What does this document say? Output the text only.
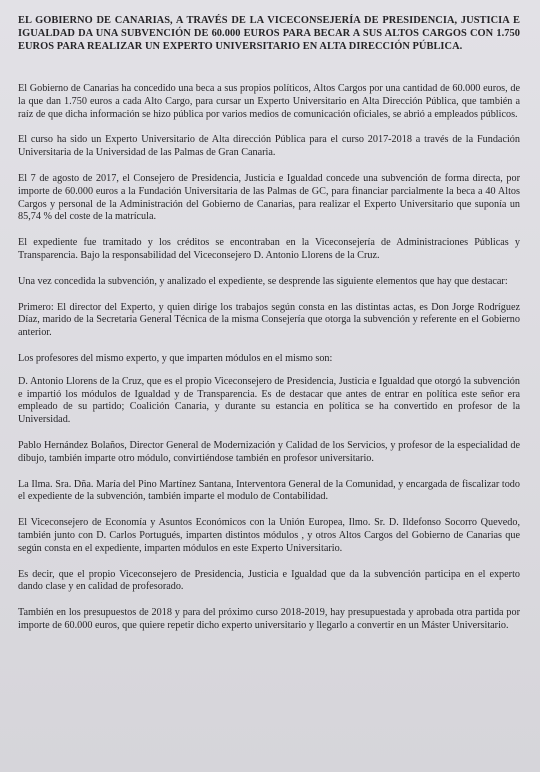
EL GOBIERNO DE CANARIAS, A TRAVÉS DE LA VICECONSEJERÍA DE PRESIDENCIA, JUSTICIA E IGUALDAD DA UNA SUBVENCIÓN DE 60.000 EUROS PARA BECAR A SUS ALTOS CARGOS CON 1.750 EUROS PARA REALIZAR UN EXPERTO UNIVERSITARIO EN ALTA DIRECCIÓN PÚBLICA.

El Gobierno de Canarias ha concedido una beca a sus propios políticos, Altos Cargos por una cantidad de 60.000 euros, de la que dan 1.750 euros a cada Alto Cargo, para cursar un Experto Universitario en Alta Dirección Pública, que también a raíz de que dicha información se hizo pública por varios medios de comunicación oficiales, se abrió a empleados públicos.

El curso ha sido un Experto Universitario de Alta dirección Pública para el curso 2017-2018 a través de la Fundación Universitaria de la Universidad de las Palmas de Gran Canaria.

El 7 de agosto de 2017, el Consejero de Presidencia, Justicia e Igualdad concede una subvención de forma directa, por importe de 60.000 euros a la Fundación Universitaria de las Palmas de GC, para financiar parcialmente la beca a 40 Altos Cargos y personal de la Administración del Gobierno de Canarias, para realizar el Experto Universitario que suponía un 85,74 % del coste de la matrícula.

El expediente fue tramitado y los créditos se encontraban en la Viceconsejería de Administraciones Públicas y Transparencia. Bajo la responsabilidad del Viceconsejero D. Antonio Llorens de la Cruz.

Una vez concedida la subvención, y analizado el expediente, se desprende las siguiente elementos que hay que destacar:

Primero: El director del Experto, y quien dirige los trabajos según consta en las distintas actas, es Don Jorge Rodríguez Díaz, marido de la Secretaria General Técnica de la misma Consejería que otorga la subvención y referente en el Gobierno anterior.

Los profesores del mismo experto, y que imparten módulos en el mismo son:

D. Antonio Llorens de la Cruz, que es el propio Viceconsejero de Presidencia, Justicia e Igualdad que otorgó la subvención e impartió los módulos de Igualdad y de Transparencia. Es de destacar que antes de entrar en política este señor era empleado de su partido; Coalición Canaria, y durante su estancia en política se ha convertido en profesor de la Universidad.

Pablo Hernández Bolaños, Director General de Modernización y Calidad de los Servicios, y profesor de la especialidad de dibujo, también imparte otro módulo, convirtiéndose también en profesor universitario.

La Ilma. Sra. Dña. María del Pino Martínez Santana, Interventora General de la Comunidad, y encargada de fiscalizar todo el expediente de la subvención, también imparte el modulo de Contabilidad.

El Viceconsejero de Economía y Asuntos Económicos con la Unión Europea, Ilmo. Sr. D. Ildefonso Socorro Quevedo, también junto con D. Carlos Portugués, imparten distintos módulos , y otros Altos Cargos del Gobierno de Canarias que según consta en el expediente, imparten módulos en este Experto Universitario.

Es decir, que el propio Viceconsejero de Presidencia, Justicia e Igualdad que da la subvención participa en el experto dando clase y en calidad de profesorado.

También en los presupuestos de 2018 y para del próximo curso 2018-2019, hay presupuestada y aprobada otra partida por importe de 60.000 euros, que quiere repetir dicho experto universitario y llegarlo a convertir en un Máster Universitario.
